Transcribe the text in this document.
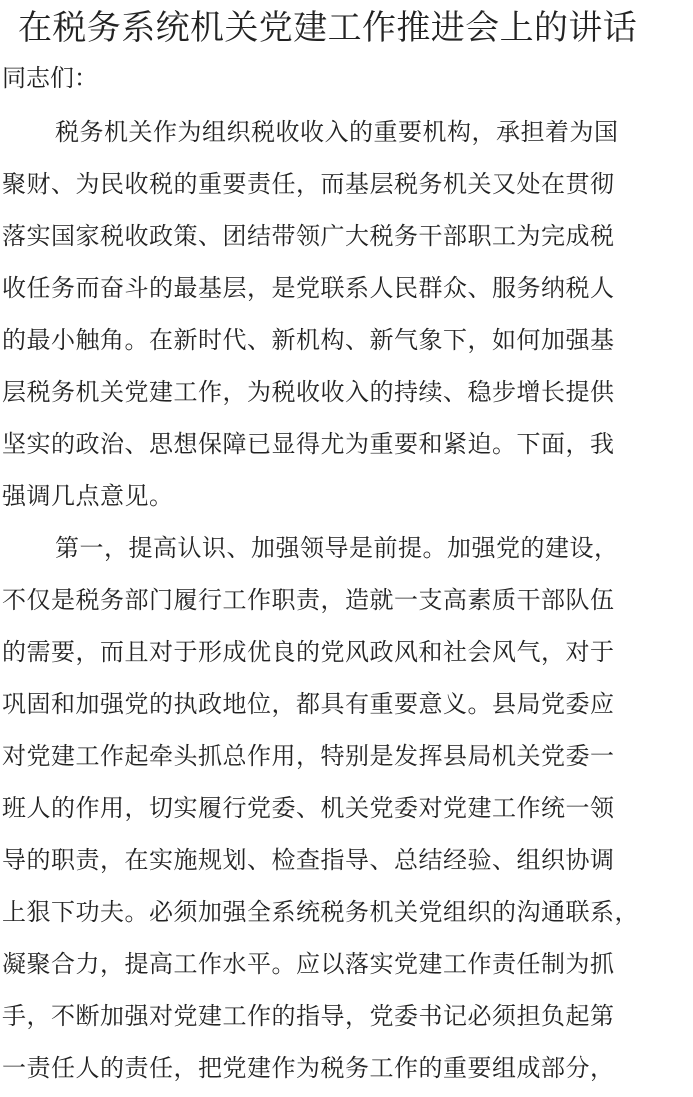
在税务系统机关党建工作推进会上的讲话

同志们：

税务机关作为组织税收收入的重要机构，承担着为国
聚财、为民收税的重要责任，而基层税务机关又处在贯彻
落实国家税收政策、团结带领广大税务干部职工为完成税
收任务而奋斗的最基层，是党联系人民群众、服务纳税人
的最小触角。在新时代、新机构、新气象下，如何加强基
层税务机关党建工作，为税收收入的持续、稳步增长提供
坚实的政治、思想保障已显得尤为重要和紧迫。下面，我
强调几点意见。

第一，提高认识、加强领导是前提。加强党的建设，
不仅是税务部门履行工作职责，造就一支高素质干部队伍
的需要，而且对于形成优良的党风政风和社会风气，对于
巩固和加强党的执政地位，都具有重要意义。县局党委应
对党建工作起牵头抓总作用，特别是发挥县局机关党委一
班人的作用，切实履行党委、机关党委对党建工作统一领
导的职责，在实施规划、检查指导、总结经验、组织协调
上狠下功夫。必须加强全系统税务机关党组织的沟通联系，
凝聚合力，提高工作水平。应以落实党建工作责任制为抓
手，不断加强对党建工作的指导，党委书记必须担负起第
一责任人的责任，把党建作为税务工作的重要组成部分，
